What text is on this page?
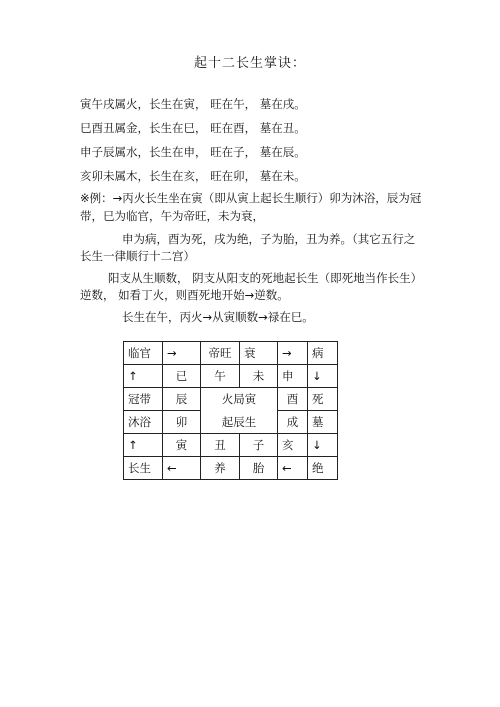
起十二长生掌诀：
寅午戌属火，长生在寅， 旺在午， 墓在戌。
巳酉丑属金，长生在巳， 旺在酉， 墓在丑。
申子辰属水，长生在申， 旺在子， 墓在辰。
亥卯未属木，长生在亥， 旺在卯， 墓在未。
※例：→丙火长生坐在寅（即从寅上起长生顺行）卯为沐浴，辰为冠
带，巳为临官，午为帝旺，未为衰，
申为病，酉为死，戌为绝，子为胎，丑为养。（其它五行之
长生一律顺行十二宫）
阳支从生顺数， 阴支从阳支的死地起长生（即死地当作长生）
逆数， 如看丁火，则酉死地开始→逆数。
长生在午，丙火→从寅顺数→禄在巳。
临官	→	帝旺	衰	→	病
↑	已	午	未	申	↓
冠带	辰	火局寅		酉	死
沐浴	卯	起辰生		成	墓
↑	寅	丑	子	亥	↓
长生	←	养	胎	←	绝
